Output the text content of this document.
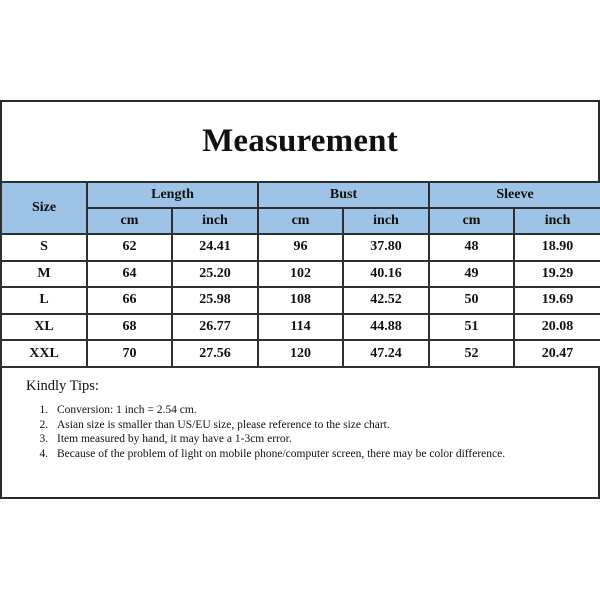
Measurement
Size	Length		Bust		Sleeve	
	cm	inch	cm	inch	cm	inch
S	62	24.41	96	37.80	48	18.90
M	64	25.20	102	40.16	49	19.29
L	66	25.98	108	42.52	50	19.69
XL	68	26.77	114	44.88	51	20.08
XXL	70	27.56	120	47.24	52	20.47
Kindly Tips:
1. Conversion: 1 inch = 2.54 cm.
2. Asian size is smaller than US/EU size, please reference to the size chart.
3. Item measured by hand, it may have a 1-3cm error.
4. Because of the problem of light on mobile phone/computer screen, there may be color difference.
